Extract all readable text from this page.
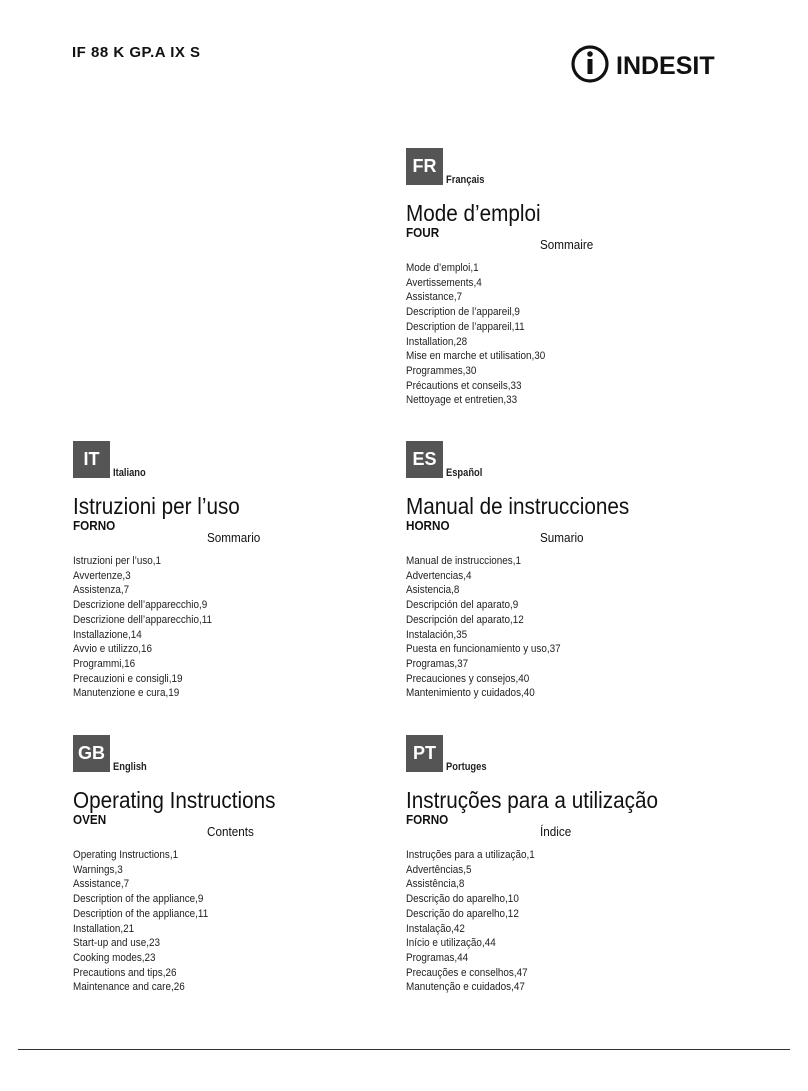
IF 88 K GP.A IX S	INDESIT
FR
Français
Mode d’emploi
FOUR
Sommaire
Mode d’emploi,1
Avertissements,4
Assistance,7
Description de l’appareil,9
Description de l’appareil,11
Installation,28
Mise en marche et utilisation,30
Programmes,30
Précautions et conseils,33
Nettoyage et entretien,33
IT
Italiano
Istruzioni per l’uso
FORNO
Sommario
Istruzioni per l’uso,1
Avvertenze,3
Assistenza,7
Descrizione dell’apparecchio,9
Descrizione dell’apparecchio,11
Installazione,14
Avvio e utilizzo,16
Programmi,16
Precauzioni e consigli,19
Manutenzione e cura,19
ES
Español
Manual de instrucciones
HORNO
Sumario
Manual de instrucciones,1
Advertencias,4
Asistencia,8
Descripción del aparato,9
Descripción del aparato,12
Instalación,35
Puesta en funcionamiento y uso,37
Programas,37
Precauciones y consejos,40
Mantenimiento y cuidados,40
GB
English
Operating Instructions
OVEN
Contents
Operating Instructions,1
Warnings,3
Assistance,7
Description of the appliance,9
Description of the appliance,11
Installation,21
Start-up and use,23
Cooking modes,23
Precautions and tips,26
Maintenance and care,26
PT
Portuges
Instruções para a utilização
FORNO
Índice
Instruções para a utilização,1
Advertências,5
Assistência,8
Descrição do aparelho,10
Descrição do aparelho,12
Instalação,42
Início e utilização,44
Programas,44
Precauções e conselhos,47
Manutenção e cuidados,47
